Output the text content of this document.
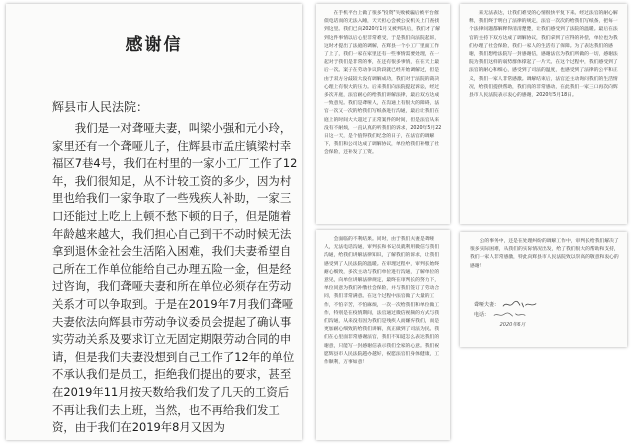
感谢信
辉县市人民法院：

我们是一对聋哑夫妻，叫梁小强和元小玲，家里还有一个聋哑儿子，住辉县市孟庄镇梁村幸福区7巷4号，我们在村里的一家小工厂工作了12年，我们很知足，从不计较工资的多少，因为村里也给我们一家争取了一些残疾人补助，一家三口还能过上吃上上顿不愁下顿的日子，但是随着年龄越来越大，我们担心自己到干不动时候无法拿到退休金社会生活陷入困难，我们夫妻希望自己所在工作单位能给自己办理五险一金，但是经过咨询，我们聋哑夫妻和所在单位必须存在劳动关系才可以争取到。于是在2019年7月我们聋哑夫妻依法向辉县市劳动争议委员会提起了确认事实劳动关系及要求订立无固定期限劳动合同的申请，但是我们夫妻没想到自己工作了12年的单位不承认我们是员工，拒绝我们提出的要求，甚至在2019年11月按天数给我们发了几天的工资后不再让我们去上班，当然，也不再给我们发工资，由于我们在2019年8月又因为

在手机平台上做了很多"投资"失败被骗后被平台催债电话而的无法入睡，天天担心会被公安机关上门查找到这里。我们已向2020年1月又被判决后，我们才了解到这件事情以后心里非常难受，于是我们向法院起诉，这时才提出了法庭的调解，在辉县一个小工厂里面工作了上了，我们一家在家里还有一些事情需要处理，在一起对于我们是非常的事，在还有很多事情，在在天上最后一次。案子在劳动争议阶段就已经开始调解过，但是由于双方分歧较大没有调解成功，我们对于法院的裁决心理上有很大的压力。后来我们向法院提起诉讼，经过多次开庭，法官耐心的给我们讲解法律，最后双方达成一致意见。我们是聋哑人，在沟通上有很大的障碍，法官一次又一次的给我们写纸条进行沟通，最后让我们在庭上的时间大大超过了正常案件的时间，但是法官从来没有不耐烦，一直认真的听我们的诉求，2020年5月22日这一天，是个值得我们纪念的日子，在法官的调解下，我们和公司达成了调解协议，单位给我们补缴了社会保险，还补发了工资。

来无法表达，让我们难受的心情很快平复下来。经过法官的耐心解释，我们终于明白了法律的规定，法官一次次的给我们写纸条，把每一个法律问题都解释得清清楚楚，让我们感受到了法院的温暖。最后在法官的主持下双方达成了调解协议，我们拿到了应得的补偿，单位也为我们办理了社会保险，我们一家人的生活有了保障。为了表达我们的感谢，我们想给法院写一封感谢信，感谢法官为我们所做的一切，感谢法院为我们这样的弱势群体撑起了一片天。在这个过程中，我们感受到了法官的耐心和细心，感受到了司法的温度，也感受到了法律的公平和正义，我们一家人非常感激。调解结束后，法官还主动询问我们的生活情况，给我们提供帮助，我们真的非常感动，在此我们一家三口再次向辉县市人民法院表示衷心的感谢，2020年5月18日。

会面临的不利结果。同时，由于我们夫妻是聋哑人，无法电话沟通，审判长和书记员就利用微信与我们沟通，给我们讲解法律知识，了解我们的诉求，让我们感受到了人民法院的温暖。在审理过程中，审判长始终耐心细致，多次主动与我们单位进行沟通，了解单位的意见，向单位讲解法律规定，最终在审判长的努力下，单位同意为我们补缴社会保险，并与我们签订了劳动合同，我们非常满意。在这个过程中法官做了大量的工作，不怕辛苦，不怕麻烦，一次一次给我们和单位做工作，特别是在疫情期间，法官通过微信视频的方式与我们沟通，从来没有因为我们是残疾人而嫌弃我们，而是更加耐心细致的给我们讲解，真正做到了司法为民。我们在心里面非常感谢法官，我们不知道怎么表达我们的谢意，只能写一封感谢信表示我们全家的心意。我们祝愿辉县市人民法院越办越好，祝愿法官们身体健康，工作顺利，万事如意！

公的事务中，还是在处理纠纷的调解工作中，审判长给我们解决了很多实际困难，从我们的实际情况出发，给了我们很大的帮助和支持，我们一家人非常感激，特此向辉县市人民法院致以崇高的敬意和衷心的感谢！

聋哑夫妻：
电话：
2020年6月
